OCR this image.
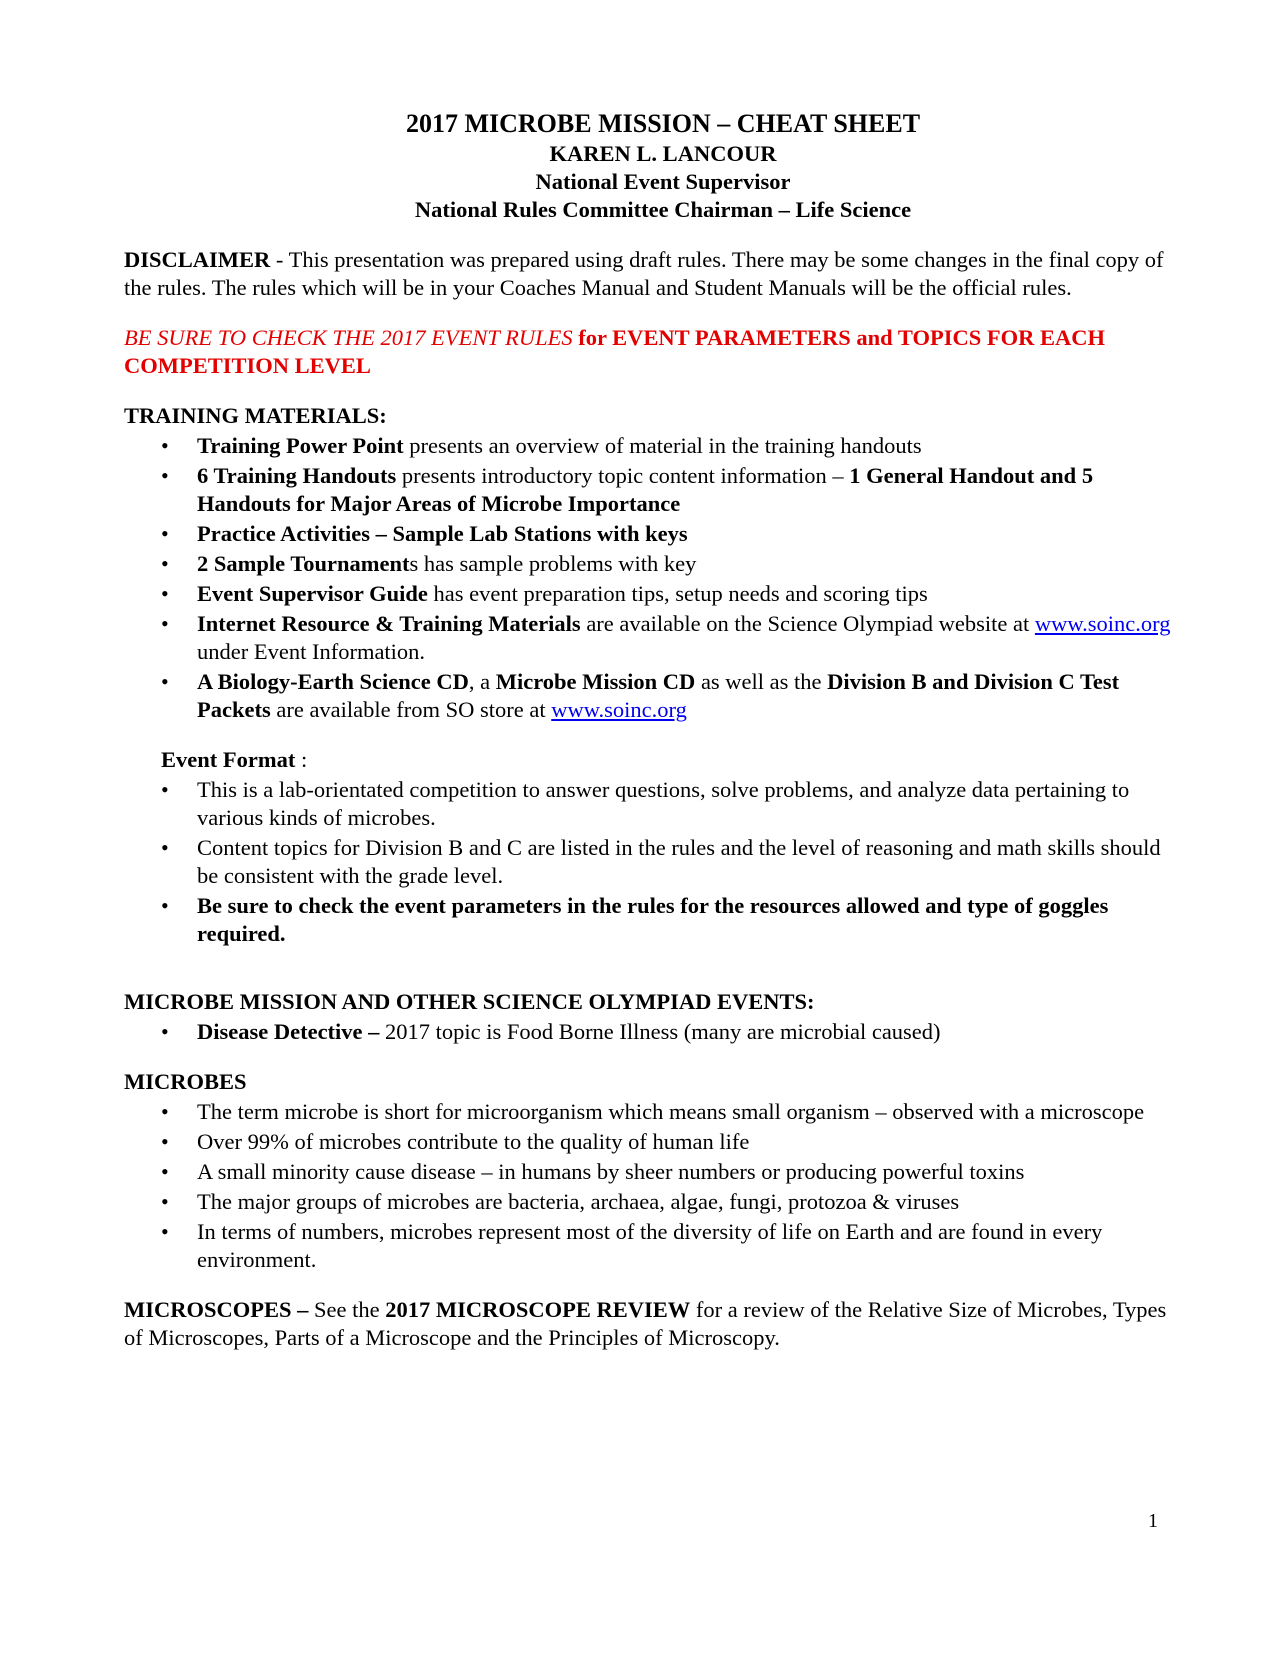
2017 MICROBE MISSION – CHEAT SHEET
KAREN L. LANCOUR
National Event Supervisor
National Rules Committee Chairman – Life Science

DISCLAIMER - This presentation was prepared using draft rules. There may be some changes in the final copy of the rules. The rules which will be in your Coaches Manual and Student Manuals will be the official rules.

BE SURE TO CHECK THE 2017 EVENT RULES for EVENT PARAMETERS and TOPICS FOR EACH COMPETITION LEVEL

TRAINING MATERIALS:

• Training Power Point presents an overview of material in the training handouts
• 6 Training Handouts presents introductory topic content information – 1 General Handout and 5 Handouts for Major Areas of Microbe Importance
• Practice Activities – Sample Lab Stations with keys
• 2 Sample Tournaments has sample problems with key
• Event Supervisor Guide has event preparation tips, setup needs and scoring tips
• Internet Resource & Training Materials are available on the Science Olympiad website at www.soinc.org under Event Information.
• A Biology-Earth Science CD, a Microbe Mission CD as well as the Division B and Division C Test Packets are available from SO store at www.soinc.org

Event Format :

• This is a lab-orientated competition to answer questions, solve problems, and analyze data pertaining to various kinds of microbes.
• Content topics for Division B and C are listed in the rules and the level of reasoning and math skills should be consistent with the grade level.
• Be sure to check the event parameters in the rules for the resources allowed and type of goggles required.

MICROBE MISSION AND OTHER SCIENCE OLYMPIAD EVENTS:

• Disease Detective – 2017 topic is Food Borne Illness (many are microbial caused)

MICROBES

• The term microbe is short for microorganism which means small organism – observed with a microscope
• Over 99% of microbes contribute to the quality of human life
• A small minority cause disease – in humans by sheer numbers or producing powerful toxins
• The major groups of microbes are bacteria, archaea, algae, fungi, protozoa & viruses
• In terms of numbers, microbes represent most of the diversity of life on Earth and are found in every environment.

MICROSCOPES – See the 2017 MICROSCOPE REVIEW for a review of the Relative Size of Microbes, Types of Microscopes, Parts of a Microscope and the Principles of Microscopy.

1
